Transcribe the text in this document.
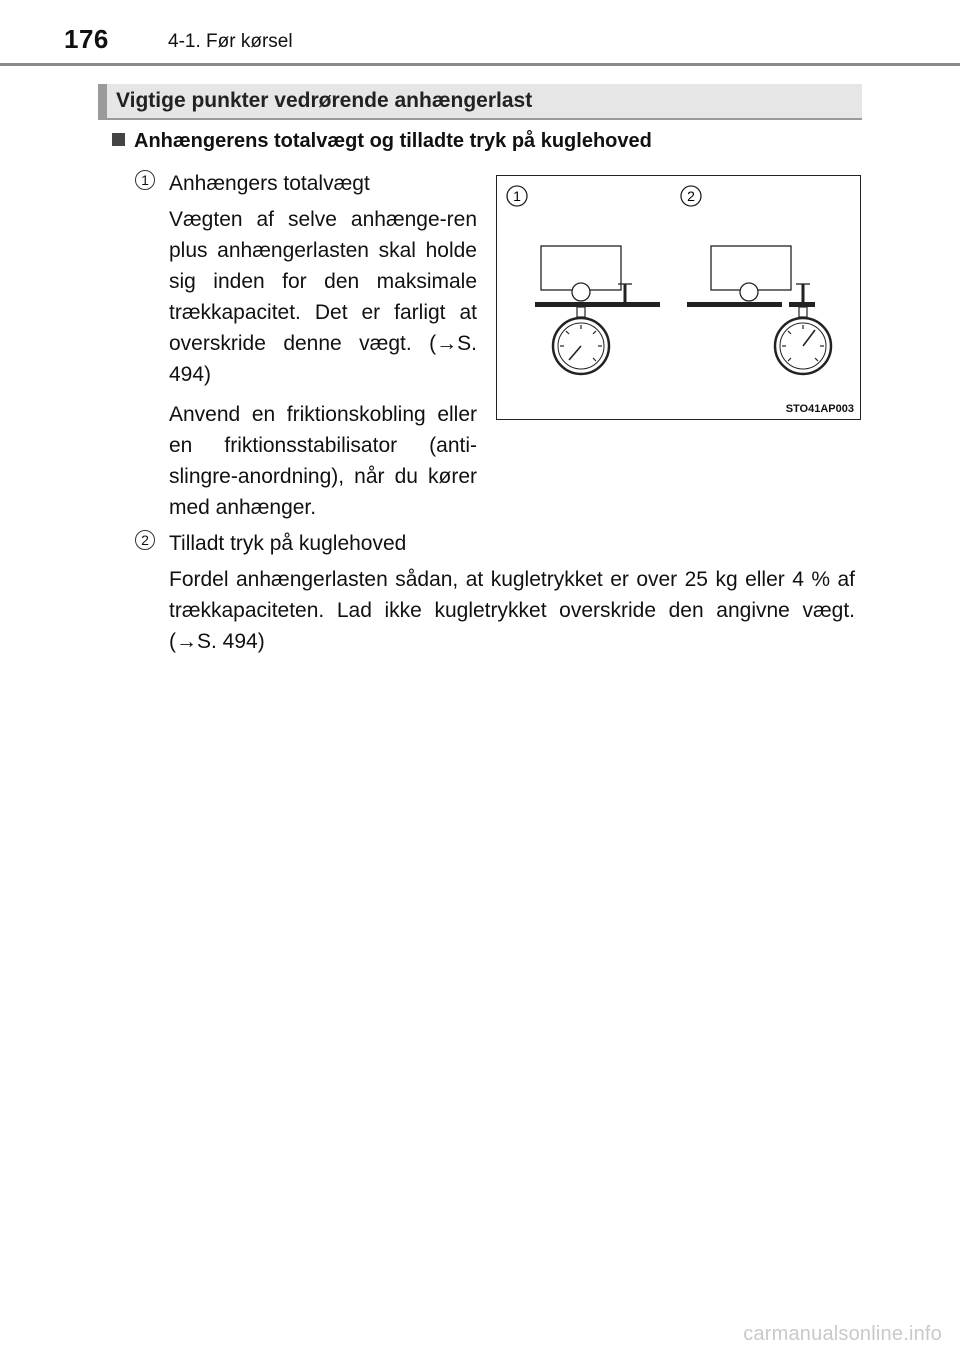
176	4-1. Før kørsel
Vigtige punkter vedrørende anhængerlast
Anhængerens totalvægt og tilladte tryk på kuglehoved
1 Anhængers totalvægt

Vægten af selve anhænge-ren plus anhængerlasten skal holde sig inden for den maksimale trækkapacitet. Det er farligt at overskride denne vægt. (→S. 494)

Anvend en friktionskobling eller en friktionsstabilisator (anti-slingre-anordning), når du kører med anhænger.

1	2
STO41AP003
2 Tilladt tryk på kuglehoved

Fordel anhængerlasten sådan, at kugletrykket er over 25 kg eller 4 % af trækkapaciteten. Lad ikke kugletrykket overskride den angivne vægt. (→S. 494)

carmanualsonline.info
